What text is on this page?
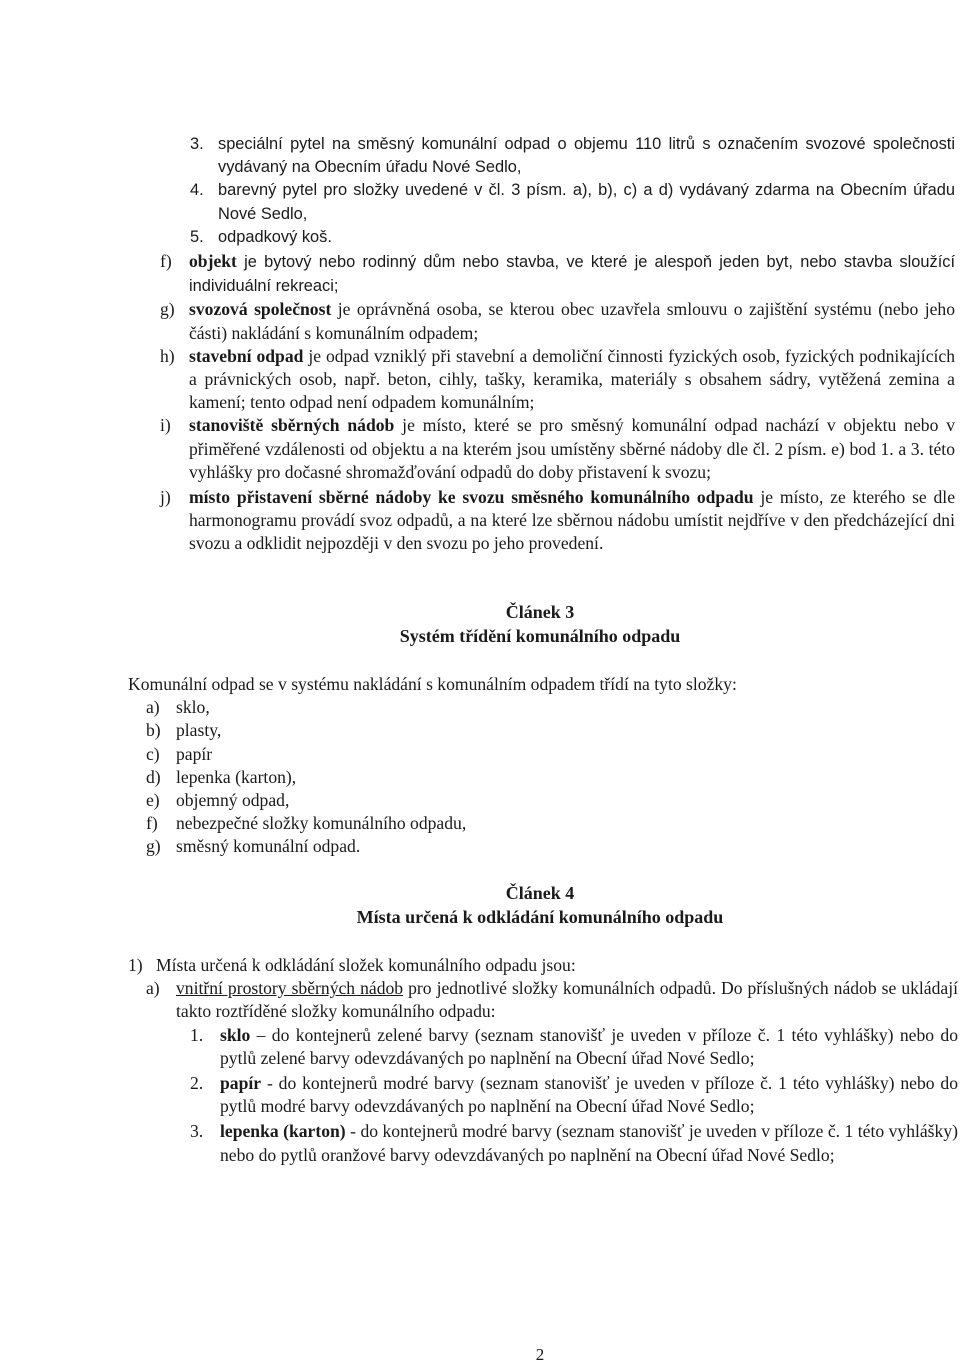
3. speciální pytel na směsný komunální odpad o objemu 110 litrů s označením svozové společnosti vydávaný na Obecním úřadu Nové Sedlo,
4. barevný pytel pro složky uvedené v čl. 3 písm. a), b), c) a d) vydávaný zdarma na Obecním úřadu Nové Sedlo,
5. odpadkový koš.
f) objekt je bytový nebo rodinný dům nebo stavba, ve které je alespoň jeden byt, nebo stavba sloužící individuální rekreaci;
g) svozová společnost je oprávněná osoba, se kterou obec uzavřela smlouvu o zajištění systému (nebo jeho části) nakládání s komunálním odpadem;
h) stavební odpad je odpad vzniklý při stavební a demoliční činnosti fyzických osob, fyzických podnikajících a právnických osob, např. beton, cihly, tašky, keramika, materiály s obsahem sádry, vytěžená zemina a kamení; tento odpad není odpadem komunálním;
i) stanoviště sběrných nádob je místo, které se pro směsný komunální odpad nachází v objektu nebo v přiměřené vzdálenosti od objektu a na kterém jsou umístěny sběrné nádoby dle čl. 2 písm. e) bod 1. a 3. této vyhlášky pro dočasné shromažďování odpadů do doby přistavení k svozu;
j) místo přistavení sběrné nádoby ke svozu směsného komunálního odpadu je místo, ze kterého se dle harmonogramu provádí svoz odpadů, a na které lze sběrnou nádobu umístit nejdříve v den předcházející dni svozu a odklidit nejpozději v den svozu po jeho provedení.
Článek 3
Systém třídění komunálního odpadu

Komunální odpad se v systému nakládání s komunálním odpadem třídí na tyto složky:

a) sklo,
b) plasty,
c) papír
d) lepenka (karton),
e) objemný odpad,
f) nebezpečné složky komunálního odpadu,
g) směsný komunální odpad.
Článek 4
Místa určená k odkládání komunálního odpadu
1) Místa určená k odkládání složek komunálního odpadu jsou:
a) vnitřní prostory sběrných nádob pro jednotlivé složky komunálních odpadů. Do příslušných nádob se ukládají takto roztříděné složky komunálního odpadu:
1. sklo – do kontejnerů zelené barvy (seznam stanovišť je uveden v příloze č. 1 této vyhlášky) nebo do pytlů zelené barvy odevzdávaných po naplnění na Obecní úřad Nové Sedlo;
2. papír - do kontejnerů modré barvy (seznam stanovišť je uveden v příloze č. 1 této vyhlášky) nebo do pytlů modré barvy odevzdávaných po naplnění na Obecní úřad Nové Sedlo;
3. lepenka (karton) - do kontejnerů modré barvy (seznam stanovišť je uveden v příloze č. 1 této vyhlášky) nebo do pytlů oranžové barvy odevzdávaných po naplnění na Obecní úřad Nové Sedlo;
2
